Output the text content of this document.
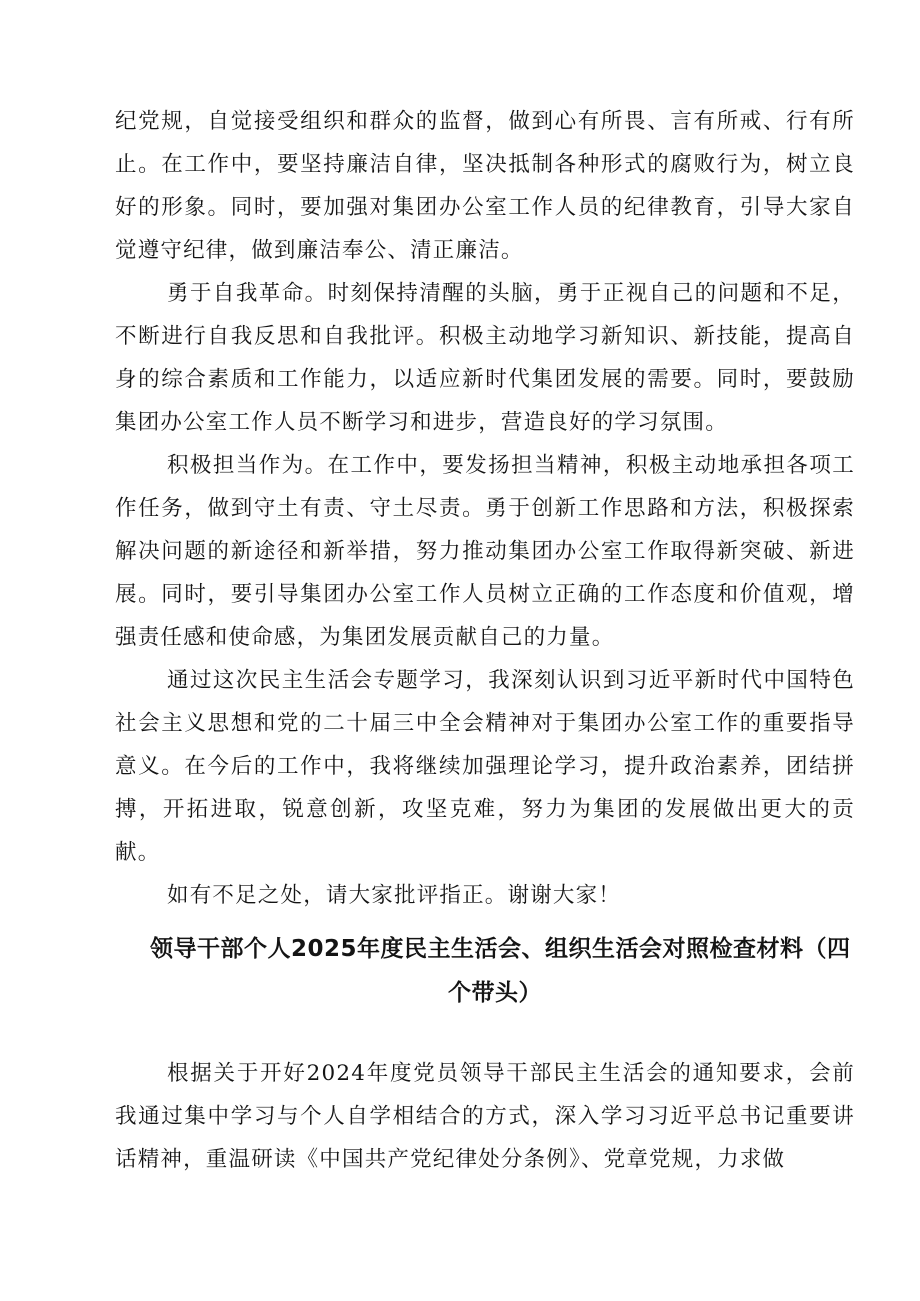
纪党规，自觉接受组织和群众的监督，做到心有所畏、言有所戒、行有所止。在工作中，要坚持廉洁自律，坚决抵制各种形式的腐败行为，树立良好的形象。同时，要加强对集团办公室工作人员的纪律教育，引导大家自觉遵守纪律，做到廉洁奉公、清正廉洁。

勇于自我革命。时刻保持清醒的头脑，勇于正视自己的问题和不足，不断进行自我反思和自我批评。积极主动地学习新知识、新技能，提高自身的综合素质和工作能力，以适应新时代集团发展的需要。同时，要鼓励集团办公室工作人员不断学习和进步，营造良好的学习氛围。

积极担当作为。在工作中，要发扬担当精神，积极主动地承担各项工作任务，做到守土有责、守土尽责。勇于创新工作思路和方法，积极探索解决问题的新途径和新举措，努力推动集团办公室工作取得新突破、新进展。同时，要引导集团办公室工作人员树立正确的工作态度和价值观，增强责任感和使命感，为集团发展贡献自己的力量。

通过这次民主生活会专题学习，我深刻认识到习近平新时代中国特色社会主义思想和党的二十届三中全会精神对于集团办公室工作的重要指导意义。在今后的工作中，我将继续加强理论学习，提升政治素养，团结拼搏，开拓进取，锐意创新，攻坚克难，努力为集团的发展做出更大的贡献。

如有不足之处，请大家批评指正。谢谢大家！

领导干部个人2025年度民主生活会、组织生活会对照检查材料（四
个带头）

根据关于开好2024年度党员领导干部民主生活会的通知要求，会前我通过集中学习与个人自学相结合的方式，深入学习习近平总书记重要讲话精神，重温研读《中国共产党纪律处分条例》、党章党规，力求做
